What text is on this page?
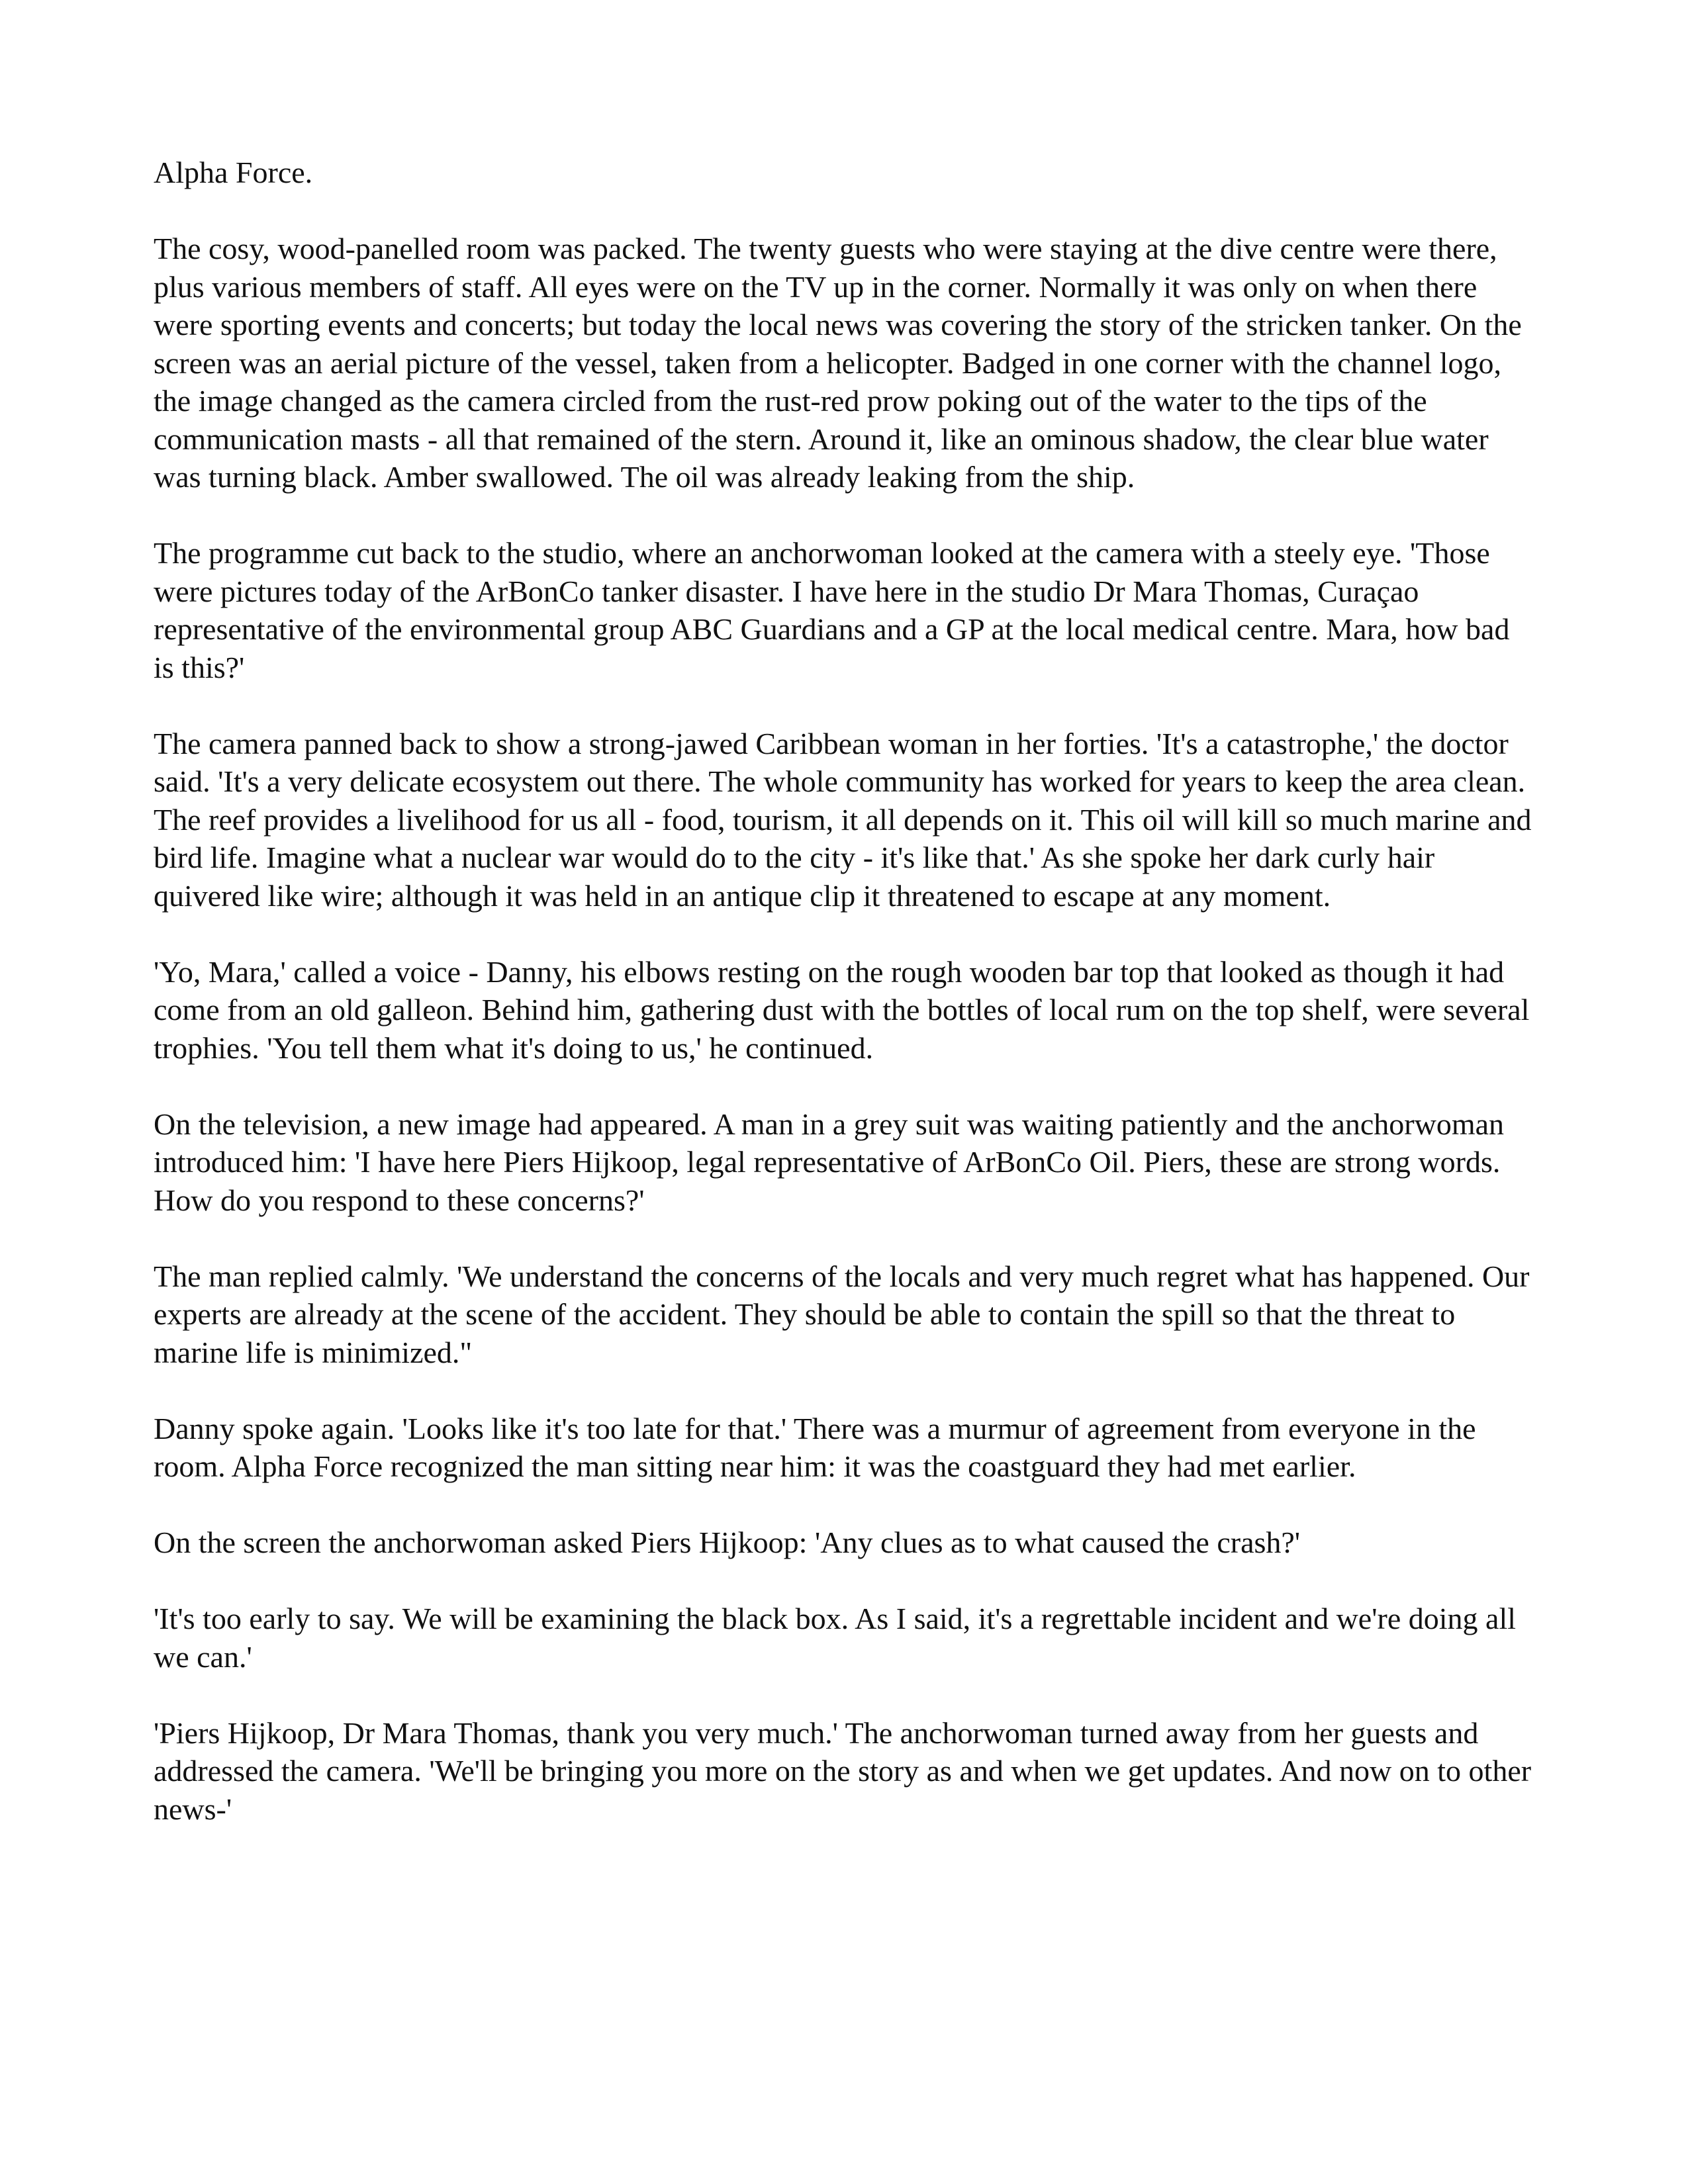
Alpha Force.

The cosy, wood-panelled room was packed. The twenty guests who were staying at the dive centre were there, plus various members of staff. All eyes were on the TV up in the corner. Normally it was only on when there were sporting events and concerts; but today the local news was covering the story of the stricken tanker. On the screen was an aerial picture of the vessel, taken from a helicopter. Badged in one corner with the channel logo, the image changed as the camera circled from the rust-red prow poking out of the water to the tips of the communication masts - all that remained of the stern. Around it, like an ominous shadow, the clear blue water was turning black. Amber swallowed. The oil was already leaking from the ship.

The programme cut back to the studio, where an anchorwoman looked at the camera with a steely eye. 'Those were pictures today of the ArBonCo tanker disaster. I have here in the studio Dr Mara Thomas, Curaçao representative of the environmental group ABC Guardians and a GP at the local medical centre. Mara, how bad is this?'

The camera panned back to show a strong-jawed Caribbean woman in her forties. 'It's a catastrophe,' the doctor said. 'It's a very delicate ecosystem out there. The whole community has worked for years to keep the area clean. The reef provides a livelihood for us all - food, tourism, it all depends on it. This oil will kill so much marine and bird life. Imagine what a nuclear war would do to the city - it's like that.' As she spoke her dark curly hair quivered like wire; although it was held in an antique clip it threatened to escape at any moment.

'Yo, Mara,' called a voice - Danny, his elbows resting on the rough wooden bar top that looked as though it had come from an old galleon. Behind him, gathering dust with the bottles of local rum on the top shelf, were several trophies. 'You tell them what it's doing to us,' he continued.

On the television, a new image had appeared. A man in a grey suit was waiting patiently and the anchorwoman introduced him: 'I have here Piers Hijkoop, legal representative of ArBonCo Oil. Piers, these are strong words. How do you respond to these concerns?'

The man replied calmly. 'We understand the concerns of the locals and very much regret what has happened. Our experts are already at the scene of the accident. They should be able to contain the spill so that the threat to marine life is minimized."

Danny spoke again. 'Looks like it's too late for that.' There was a murmur of agreement from everyone in the room. Alpha Force recognized the man sitting near him: it was the coastguard they had met earlier.

On the screen the anchorwoman asked Piers Hijkoop: 'Any clues as to what caused the crash?'

'It's too early to say. We will be examining the black box. As I said, it's a regrettable incident and we're doing all we can.'

'Piers Hijkoop, Dr Mara Thomas, thank you very much.' The anchorwoman turned away from her guests and addressed the camera. 'We'll be bringing you more on the story as and when we get updates. And now on to other news-'
